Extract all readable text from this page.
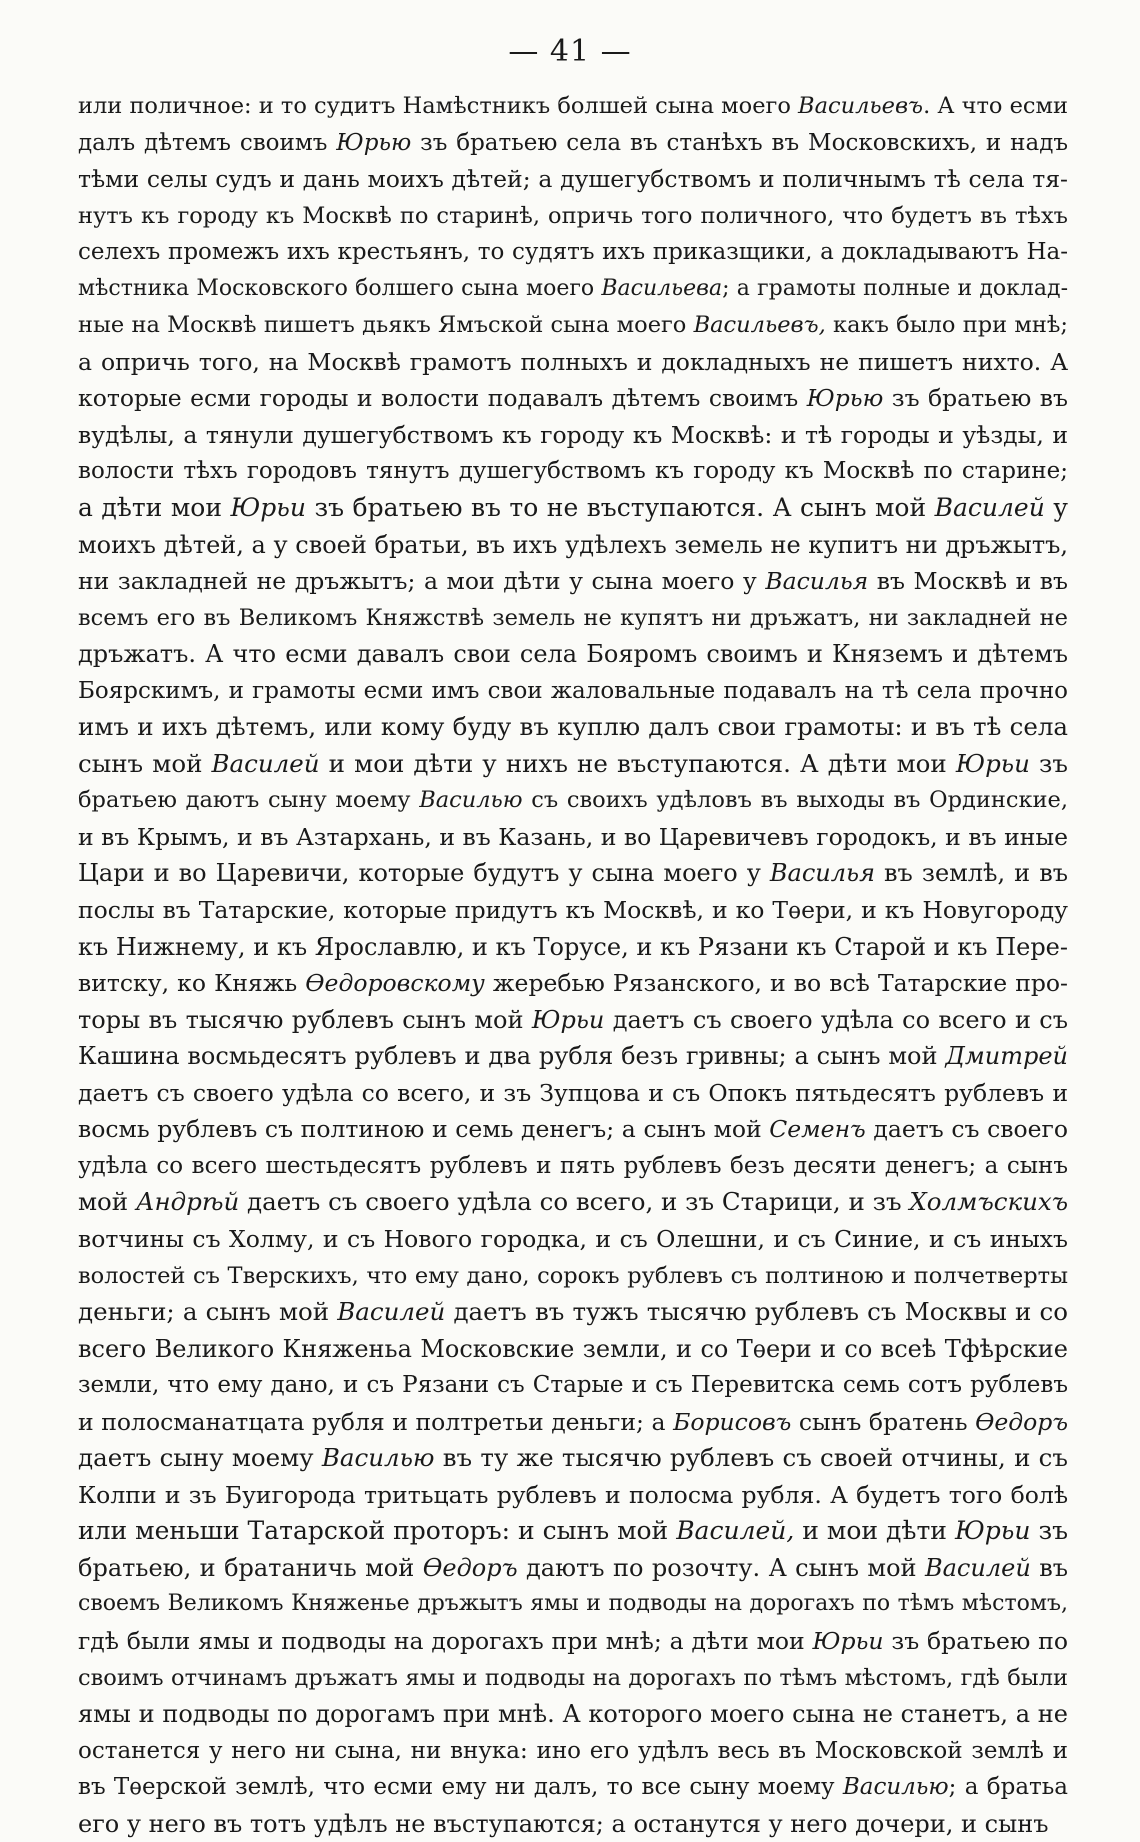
— 41 —
или поличное: и то судитъ Намѣстникъ болшей сына моего Васильевъ. А что есми
далъ дѣтемъ своимъ Юрью зъ братьею села въ станѣхъ въ Московскихъ, и надъ
тѣми селы судъ и дань моихъ дѣтей; а душегубствомъ и поличнымъ тѣ села тя-
нутъ къ городу къ Москвѣ по старинѣ, опричь того поличного, что будетъ въ тѣхъ
селехъ промежъ ихъ крестьянъ, то судятъ ихъ приказщики, а докладываютъ На-
мѣстника Московского болшего сына моего Васильева; а грамоты полные и доклад-
ные на Москвѣ пишетъ дьякъ Ямъской сына моего Васильевъ, какъ было при мнѣ;
а опричь того, на Москвѣ грамотъ полныхъ и докладныхъ не пишетъ нихто. А
которые есми городы и волости подавалъ дѣтемъ своимъ Юрью зъ братьею въ
вудѣлы, а тянули душегубствомъ къ городу къ Москвѣ: и тѣ городы и уѣзды, и
волости тѣхъ городовъ тянутъ душегубствомъ къ городу къ Москвѣ по старине;
а дѣти мои Юрьи зъ братьею въ то не въступаются. А сынъ мой Василей у
моихъ дѣтей, а у своей братьи, въ ихъ удѣлехъ земель не купитъ ни дръжытъ,
ни закладней не дръжытъ; а мои дѣти у сына моего у Василья въ Москвѣ и въ
всемъ его въ Великомъ Княжствѣ земель не купятъ ни дръжатъ, ни закладней не
дръжатъ. А что есми давалъ свои села Бояромъ своимъ и Княземъ и дѣтемъ
Боярскимъ, и грамоты есми имъ свои жаловальные подавалъ на тѣ села прочно
имъ и ихъ дѣтемъ, или кому буду въ куплю далъ свои грамоты: и въ тѣ села
сынъ мой Василей и мои дѣти у нихъ не въступаются. А дѣти мои Юрьи зъ
братьею даютъ сыну моему Василью съ своихъ удѣловъ въ выходы въ Ординские,
и въ Крымъ, и въ Азтархань, и въ Казань, и во Царевичевъ городокъ, и въ иные
Цари и во Царевичи, которые будутъ у сына моего у Василья въ землѣ, и въ
послы въ Татарские, которые придутъ къ Москвѣ, и ко Тѳери, и къ Новугороду
къ Нижнему, и къ Ярославлю, и къ Торусе, и къ Рязани къ Старой и къ Пере-
витску, ко Княжь Ѳедоровскому жеребью Рязанского, и во всѣ Татарские про-
торы въ тысячю рублевъ сынъ мой Юрьи даетъ съ своего удѣла со всего и съ
Кашина восмьдесятъ рублевъ и два рубля безъ гривны; а сынъ мой Дмитрей
даетъ съ своего удѣла со всего, и зъ Зупцова и съ Опокъ пятьдесятъ рублевъ и
восмь рублевъ съ полтиною и семь денегъ; а сынъ мой Семенъ даетъ съ своего
удѣла со всего шестьдесятъ рублевъ и пять рублевъ безъ десяти денегъ; а сынъ
мой Андрѣй даетъ съ своего удѣла со всего, и зъ Старици, и зъ Холмъскихъ
вотчины съ Холму, и съ Нового городка, и съ Олешни, и съ Синие, и съ иныхъ
волостей съ Тверскихъ, что ему дано, сорокъ рублевъ съ полтиною и полчетверты
деньги; а сынъ мой Василей даетъ въ тужъ тысячю рублевъ съ Москвы и со
всего Великого Княженьа Московские земли, и со Тѳери и со всеѣ Тфѣрские
земли, что ему дано, и съ Рязани съ Старые и съ Перевитска семь сотъ рублевъ
и полосманатцата рубля и полтретьи деньги; а Борисовъ сынъ братень Ѳедоръ
даетъ сыну моему Василью въ ту же тысячю рублевъ съ своей отчины, и съ
Колпи и зъ Буигорода тритьцать рублевъ и полосма рубля. А будетъ того болѣ
или меньши Татарской проторъ: и сынъ мой Василей, и мои дѣти Юрьи зъ
братьею, и братаничь мой Ѳедоръ даютъ по розочту. А сынъ мой Василей въ
своемъ Великомъ Княженье дръжытъ ямы и подводы на дорогахъ по тѣмъ мѣстомъ,
гдѣ были ямы и подводы на дорогахъ при мнѣ; а дѣти мои Юрьи зъ братьею по
своимъ отчинамъ дръжатъ ямы и подводы на дорогахъ по тѣмъ мѣстомъ, гдѣ были
ямы и подводы по дорогамъ при мнѣ. А которого моего сына не станетъ, а не
останется у него ни сына, ни внука: ино его удѣлъ весь въ Московской землѣ и
въ Тѳерской землѣ, что есми ему ни далъ, то все сыну моему Василью; а братьа
его у него въ тотъ удѣлъ не въступаются; а останутся у него дочери, и сынъ
